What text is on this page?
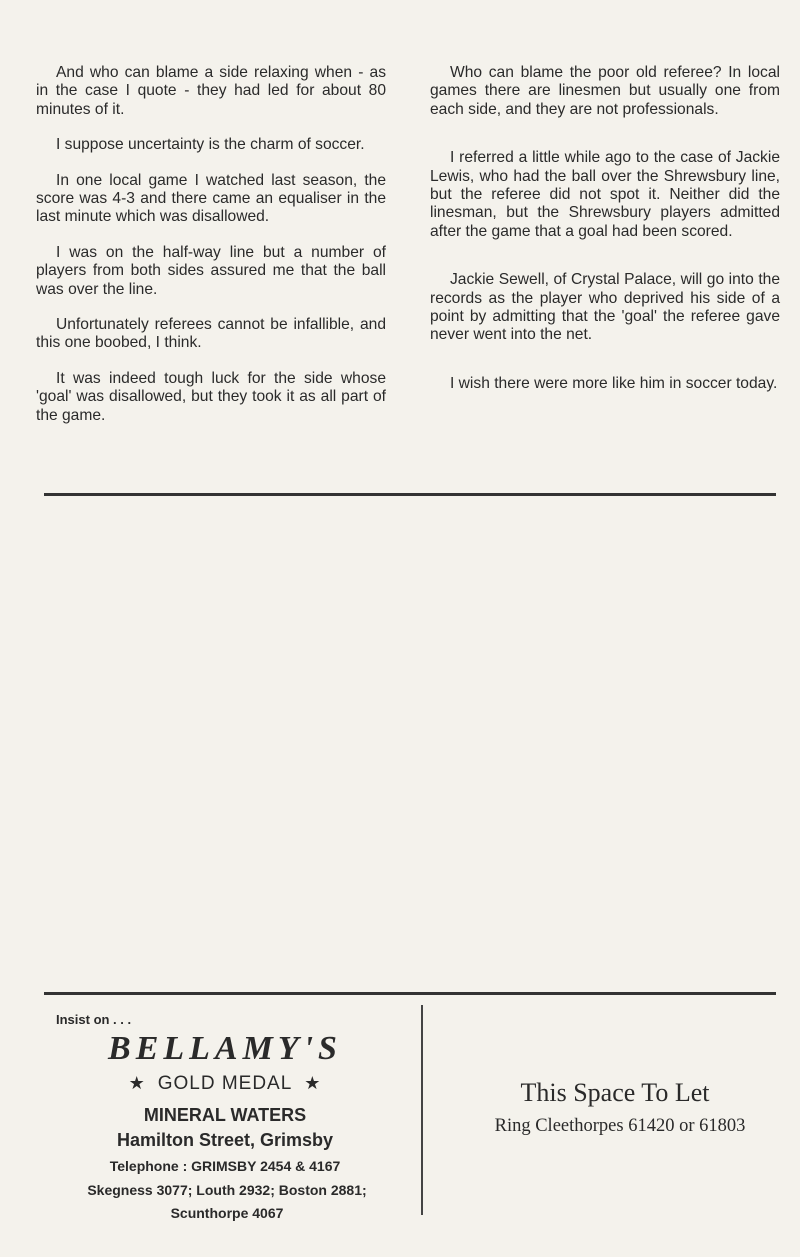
And who can blame a side relaxing when - as in the case I quote - they had led for about 80 minutes of it.

I suppose uncertainty is the charm of soccer.

In one local game I watched last season, the score was 4-3 and there came an equaliser in the last minute which was disallowed.

I was on the half-way line but a number of players from both sides assured me that the ball was over the line.

Unfortunately referees cannot be infallible, and this one boobed, I think.

It was indeed tough luck for the side whose 'goal' was disallowed, but they took it as all part of the game.

Who can blame the poor old referee? In local games there are linesmen but usually one from each side, and they are not professionals.

I referred a little while ago to the case of Jackie Lewis, who had the ball over the Shrewsbury line, but the referee did not spot it. Neither did the linesman, but the Shrewsbury players admitted after the game that a goal had been scored.

Jackie Sewell, of Crystal Palace, will go into the records as the player who deprived his side of a point by admitting that the 'goal' the referee gave never went into the net.

I wish there were more like him in soccer today.

Insist on . . .
BELLAMY'S
★ GOLD MEDAL ★
MINERAL WATERS
Hamilton Street, Grimsby
Telephone : GRIMSBY 2454 & 4167
Skegness 3077; Louth 2932; Boston 2881; Scunthorpe 4067
This Space To Let
Ring Cleethorpes 61420 or 61803
